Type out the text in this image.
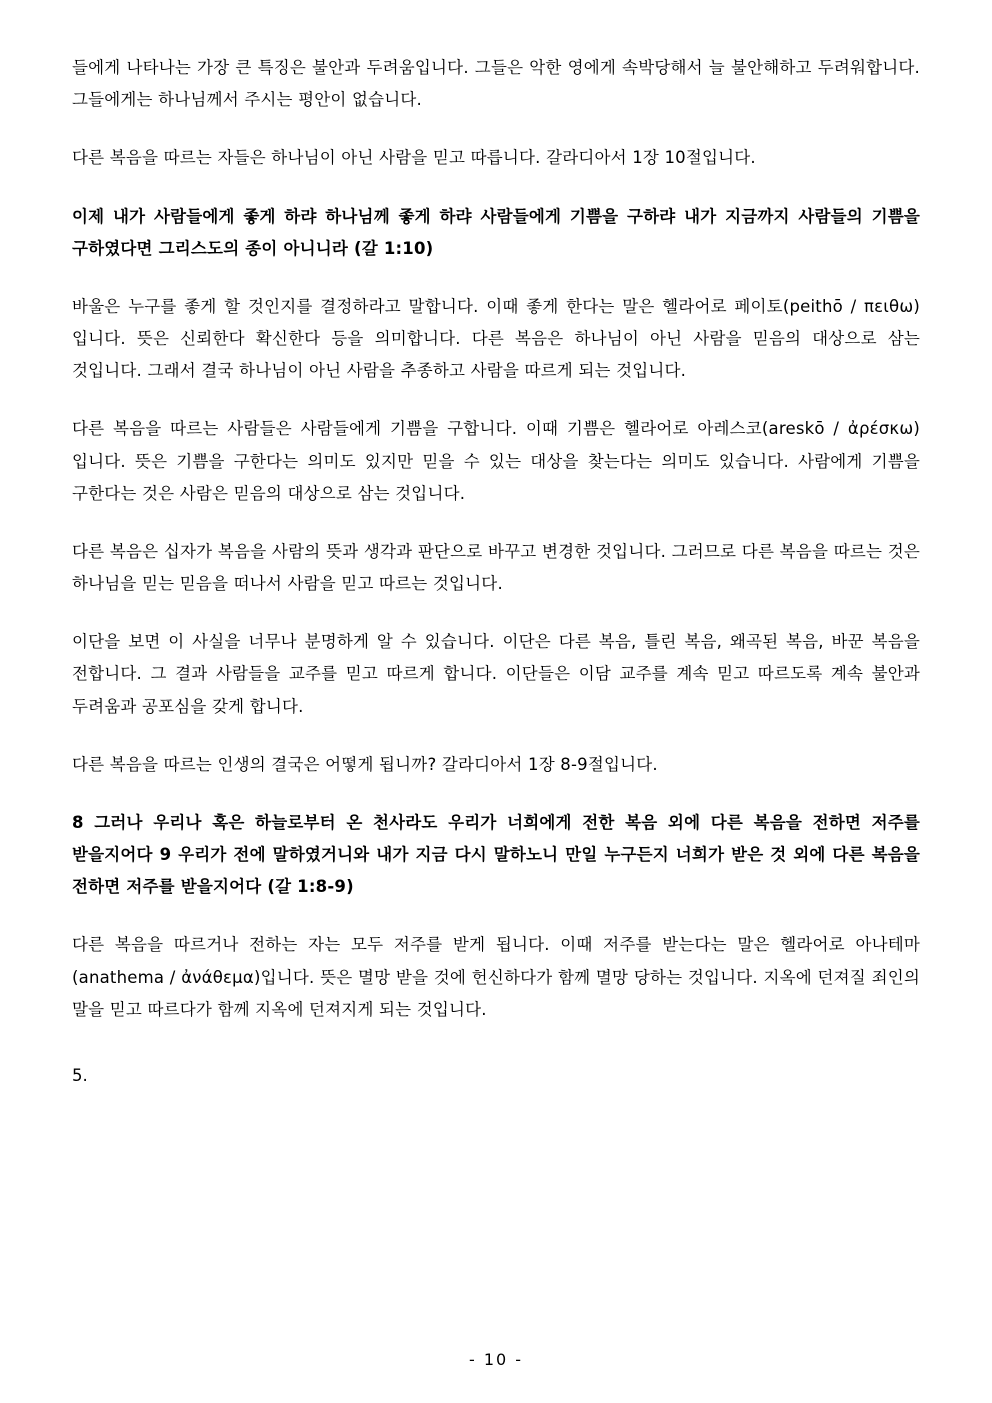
들에게 나타나는 가장 큰 특징은 불안과 두려움입니다. 그들은 악한 영에게 속박당해서 늘 불안해하고 두려워합니다. 그들에게는 하나님께서 주시는 평안이 없습니다.

다른 복음을 따르는 자들은 하나님이 아닌 사람을 믿고 따릅니다. 갈라디아서 1장 10절입니다.

이제 내가 사람들에게 좋게 하랴 하나님께 좋게 하랴 사람들에게 기쁨을 구하랴 내가 지금까지 사람들의 기쁨을 구하였다면 그리스도의 종이 아니니라 (갈 1:10)

바울은 누구를 좋게 할 것인지를 결정하라고 말합니다. 이때 좋게 한다는 말은 헬라어로 페이토(peithō / πειθω)입니다. 뜻은 신뢰한다 확신한다 등을 의미합니다. 다른 복음은 하나님이 아닌 사람을 믿음의 대상으로 삼는 것입니다. 그래서 결국 하나님이 아닌 사람을 추종하고 사람을 따르게 되는 것입니다.

다른 복음을 따르는 사람들은 사람들에게 기쁨을 구합니다. 이때 기쁨은 헬라어로 아레스코(areskō / ἀρέσκω)입니다. 뜻은 기쁨을 구한다는 의미도 있지만 믿을 수 있는 대상을 찾는다는 의미도 있습니다. 사람에게 기쁨을 구한다는 것은 사람은 믿음의 대상으로 삼는 것입니다.

다른 복음은 십자가 복음을 사람의 뜻과 생각과 판단으로 바꾸고 변경한 것입니다. 그러므로 다른 복음을 따르는 것은 하나님을 믿는 믿음을 떠나서 사람을 믿고 따르는 것입니다.

이단을 보면 이 사실을 너무나 분명하게 알 수 있습니다. 이단은 다른 복음, 틀린 복음, 왜곡된 복음, 바꾼 복음을 전합니다. 그 결과 사람들을 교주를 믿고 따르게 합니다. 이단들은 이담 교주를 계속 믿고 따르도록 계속 불안과 두려움과 공포심을 갖게 합니다.

다른 복음을 따르는 인생의 결국은 어떻게 됩니까? 갈라디아서 1장 8-9절입니다.

8 그러나 우리나 혹은 하늘로부터 온 천사라도 우리가 너희에게 전한 복음 외에 다른 복음을 전하면 저주를 받을지어다 9 우리가 전에 말하였거니와 내가 지금 다시 말하노니 만일 누구든지 너희가 받은 것 외에 다른 복음을 전하면 저주를 받을지어다 (갈 1:8-9)

다른 복음을 따르거나 전하는 자는 모두 저주를 받게 됩니다. 이때 저주를 받는다는 말은 헬라어로 아나테마(anathema / ἀνάθεμα)입니다. 뜻은 멸망 받을 것에 헌신하다가 함께 멸망 당하는 것입니다. 지옥에 던져질 죄인의 말을 믿고 따르다가 함께 지옥에 던져지게 되는 것입니다.

5.

- 10 -
